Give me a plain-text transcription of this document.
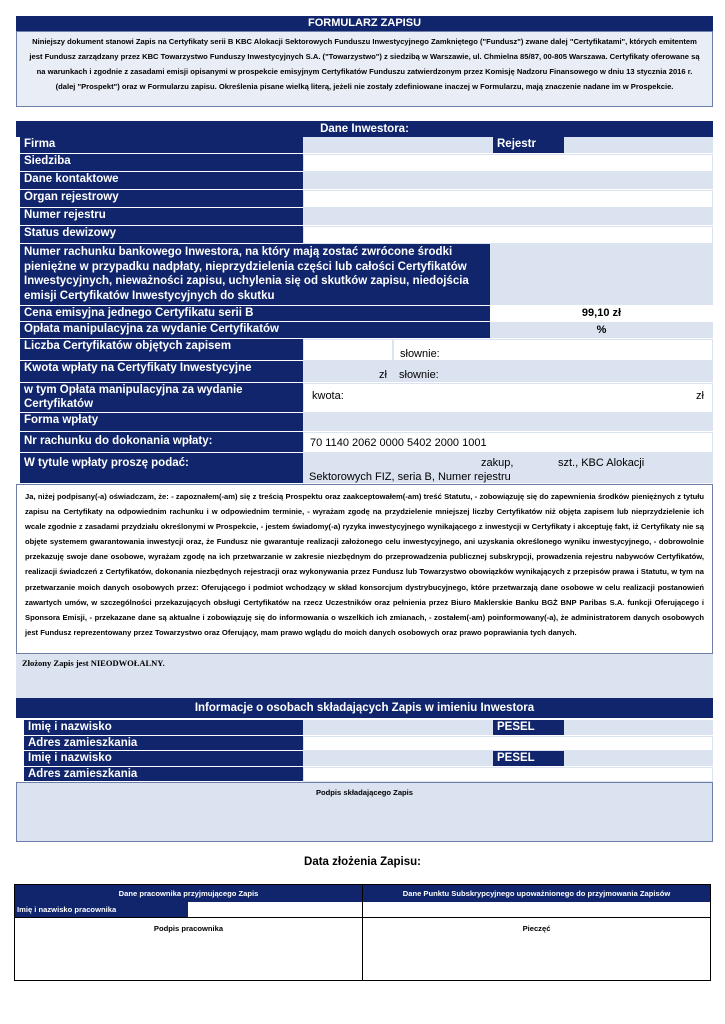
FORMULARZ ZAPISU
Niniejszy dokument stanowi Zapis na Certyfikaty serii B KBC Alokacji Sektorowych Funduszu Inwestycyjnego Zamkniętego ("Fundusz") zwane dalej "Certyfikatami", których emitentem jest Fundusz zarządzany przez KBC Towarzystwo Funduszy Inwestycyjnych S.A. ("Towarzystwo") z siedzibą w Warszawie, ul. Chmielna 85/87, 00-805 Warszawa. Certyfikaty oferowane są na warunkach i zgodnie z zasadami emisji opisanymi w prospekcie emisyjnym Certyfikatów Funduszu zatwierdzonym przez Komisję Nadzoru Finansowego w dniu 13 stycznia 2016 r. (dalej "Prospekt") oraz w Formularzu zapisu. Określenia pisane wielką literą, jeżeli nie zostały zdefiniowane inaczej w Formularzu, mają znaczenie nadane im w Prospekcie.
Dane Inwestora:
Firma	Rejestr
Siedziba
Dane kontaktowe
Organ rejestrowy
Numer rejestru
Status dewizowy
Numer rachunku bankowego Inwestora, na który mają zostać zwrócone środki pieniężne w przypadku nadpłaty, nieprzydzielenia części lub całości Certyfikatów Inwestycyjnych, nieważności zapisu, uchylenia się od skutków zapisu, niedojścia emisji Certyfikatów Inwestycyjnych do skutku
Cena emisyjna jednego Certyfikatu serii B	99,10 zł
Opłata manipulacyjna za wydanie Certyfikatów	%
Liczba Certyfikatów objętych zapisem
słownie:
Kwota wpłaty na Certyfikaty Inwestycyjne
zł	słownie:
w tym Opłata manipulacyjna za wydanie Certyfikatów
kwota:	zł
Forma wpłaty
Nr rachunku do dokonania wpłaty:	70 1140 2062 0000 5402 2000 1001
W tytule wpłaty proszę podać:	zakup,	szt., KBC Alokacji
Sektorowych FIZ, seria B, Numer rejestru
Ja, niżej podpisany(-a) oświadczam, że: - zapoznałem(-am) się z treścią Prospektu oraz zaakceptowałem(-am) treść Statutu, - zobowiązuję się do zapewnienia środków pieniężnych z tytułu zapisu na Certyfikaty na odpowiednim rachunku i w odpowiednim terminie, - wyrażam zgodę na przydzielenie mniejszej liczby Certyfikatów niż objęta zapisem lub nieprzydzielenie ich wcale zgodnie z zasadami przydziału określonymi w Prospekcie, - jestem świadomy(-a) ryzyka inwestycyjnego wynikającego z inwestycji w Certyfikaty i akceptuję fakt, iż Certyfikaty nie są objęte systemem gwarantowania inwestycji oraz, że Fundusz nie gwarantuje realizacji założonego celu inwestycyjnego, ani uzyskania określonego wyniku inwestycyjnego, - dobrowolnie przekazuję swoje dane osobowe, wyrażam zgodę na ich przetwarzanie w zakresie niezbędnym do przeprowadzenia publicznej subskrypcji, prowadzenia rejestru nabywców Certyfikatów, realizacji świadczeń z Certyfikatów, dokonania niezbędnych rejestracji oraz wykonywania przez Fundusz lub Towarzystwo obowiązków wynikających z przepisów prawa i Statutu, w tym na przetwarzanie moich danych osobowych przez: Oferującego i podmiot wchodzący w skład konsorcjum dystrybucyjnego, które przetwarzają dane osobowe w celu realizacji postanowień zawartych umów, w szczególności przekazujących obsługi Certyfikatów na rzecz Uczestników oraz pełnienia przez Biuro Maklerskie Banku BGŻ BNP Paribas S.A. funkcji Oferującego i Sponsora Emisji, - przekazane dane są aktualne i zobowiązuję się do informowania o wszelkich ich zmianach, - zostałem(-am) poinformowany(-a), że administratorem danych osobowych jest Fundusz reprezentowany przez Towarzystwo oraz Oferujący, mam prawo wglądu do moich danych osobowych oraz prawo poprawiania tych danych.
Złożony Zapis jest NIEODWOŁALNY.
Informacje o osobach składających Zapis w imieniu Inwestora
Imię i nazwisko	PESEL
Adres zamieszkania
Imię i nazwisko	PESEL
Adres zamieszkania
Podpis składającego Zapis
Data złożenia Zapisu:
Dane pracownika przyjmującego Zapis	Dane Punktu Subskrypcyjnego upoważnionego do przyjmowania Zapisów
Imię i nazwisko pracownika
Podpis pracownika	Pieczęć
